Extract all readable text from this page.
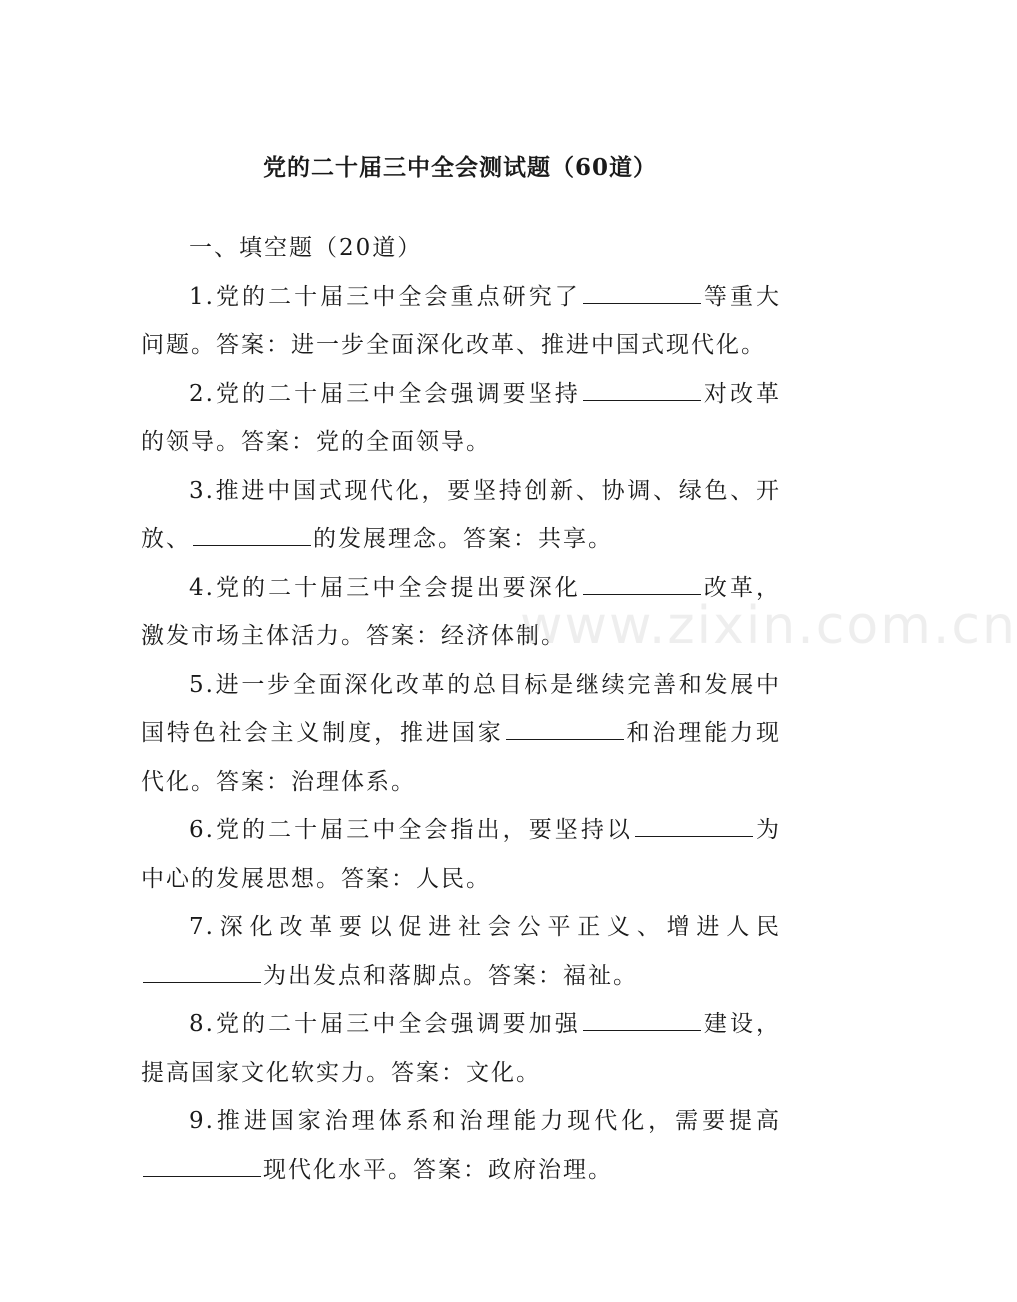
党的二十届三中全会测试题（60道）
一、填空题（20道）

1.党的二十届三中全会重点研究了	等重大问题。答案：进一步全面深化改革、推进中国式现代化。

2.党的二十届三中全会强调要坚持	对改革的领导。答案：党的全面领导。

3.推进中国式现代化，要坚持创新、协调、绿色、开放、	的发展理念。答案：共享。

4.党的二十届三中全会提出要深化	改革，激发市场主体活力。答案：经济体制。

5.进一步全面深化改革的总目标是继续完善和发展中国特色社会主义制度，推进国家	和治理能力现代化。答案：治理体系。

6.党的二十届三中全会指出，要坚持以	为中心的发展思想。答案：人民。

7.深化改革要以促进社会公平正义、增进人民为出发点和落脚点。答案：福祉。

8.党的二十届三中全会强调要加强	建设，提高国家文化软实力。答案：文化。

9.推进国家治理体系和治理能力现代化，需要提高现代化水平。答案：政府治理。

www.zixin.com.cn
